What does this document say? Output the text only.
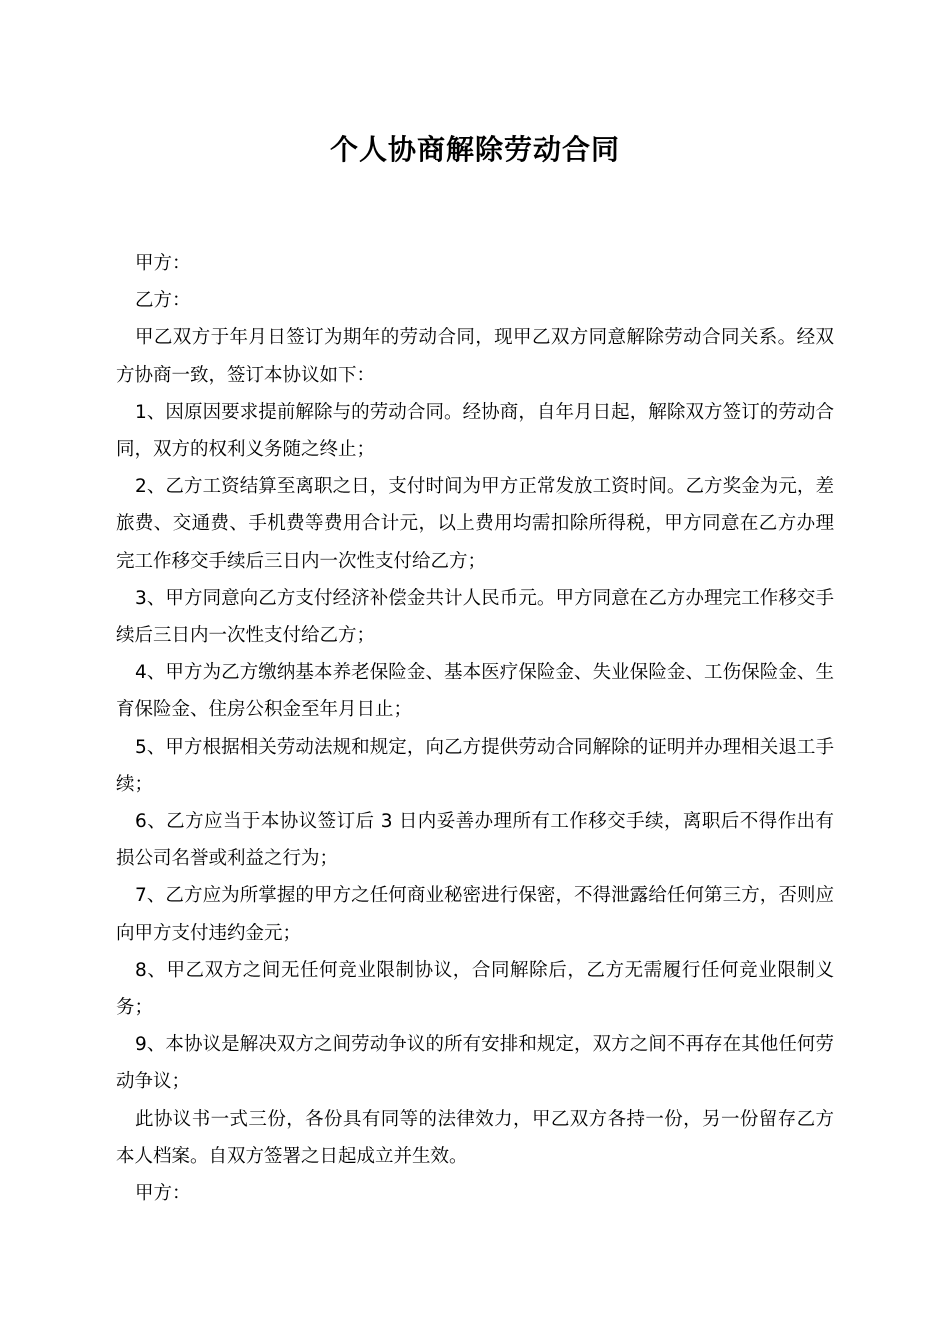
个人协商解除劳动合同

甲方：

乙方：

甲乙双方于年月日签订为期年的劳动合同，现甲乙双方同意解除劳动合同关系。经双方协商一致，签订本协议如下：

1、因原因要求提前解除与的劳动合同。经协商，自年月日起，解除双方签订的劳动合同，双方的权利义务随之终止；

2、乙方工资结算至离职之日，支付时间为甲方正常发放工资时间。乙方奖金为元，差旅费、交通费、手机费等费用合计元，以上费用均需扣除所得税，甲方同意在乙方办理完工作移交手续后三日内一次性支付给乙方；

3、甲方同意向乙方支付经济补偿金共计人民币元。甲方同意在乙方办理完工作移交手续后三日内一次性支付给乙方；

4、甲方为乙方缴纳基本养老保险金、基本医疗保险金、失业保险金、工伤保险金、生育保险金、住房公积金至年月日止；

5、甲方根据相关劳动法规和规定，向乙方提供劳动合同解除的证明并办理相关退工手续；

6、乙方应当于本协议签订后 3 日内妥善办理所有工作移交手续，离职后不得作出有损公司名誉或利益之行为；

7、乙方应为所掌握的甲方之任何商业秘密进行保密，不得泄露给任何第三方，否则应向甲方支付违约金元；

8、甲乙双方之间无任何竞业限制协议，合同解除后，乙方无需履行任何竞业限制义务；

9、本协议是解决双方之间劳动争议的所有安排和规定，双方之间不再存在其他任何劳动争议；

此协议书一式三份，各份具有同等的法律效力，甲乙双方各持一份，另一份留存乙方本人档案。自双方签署之日起成立并生效。

甲方：
